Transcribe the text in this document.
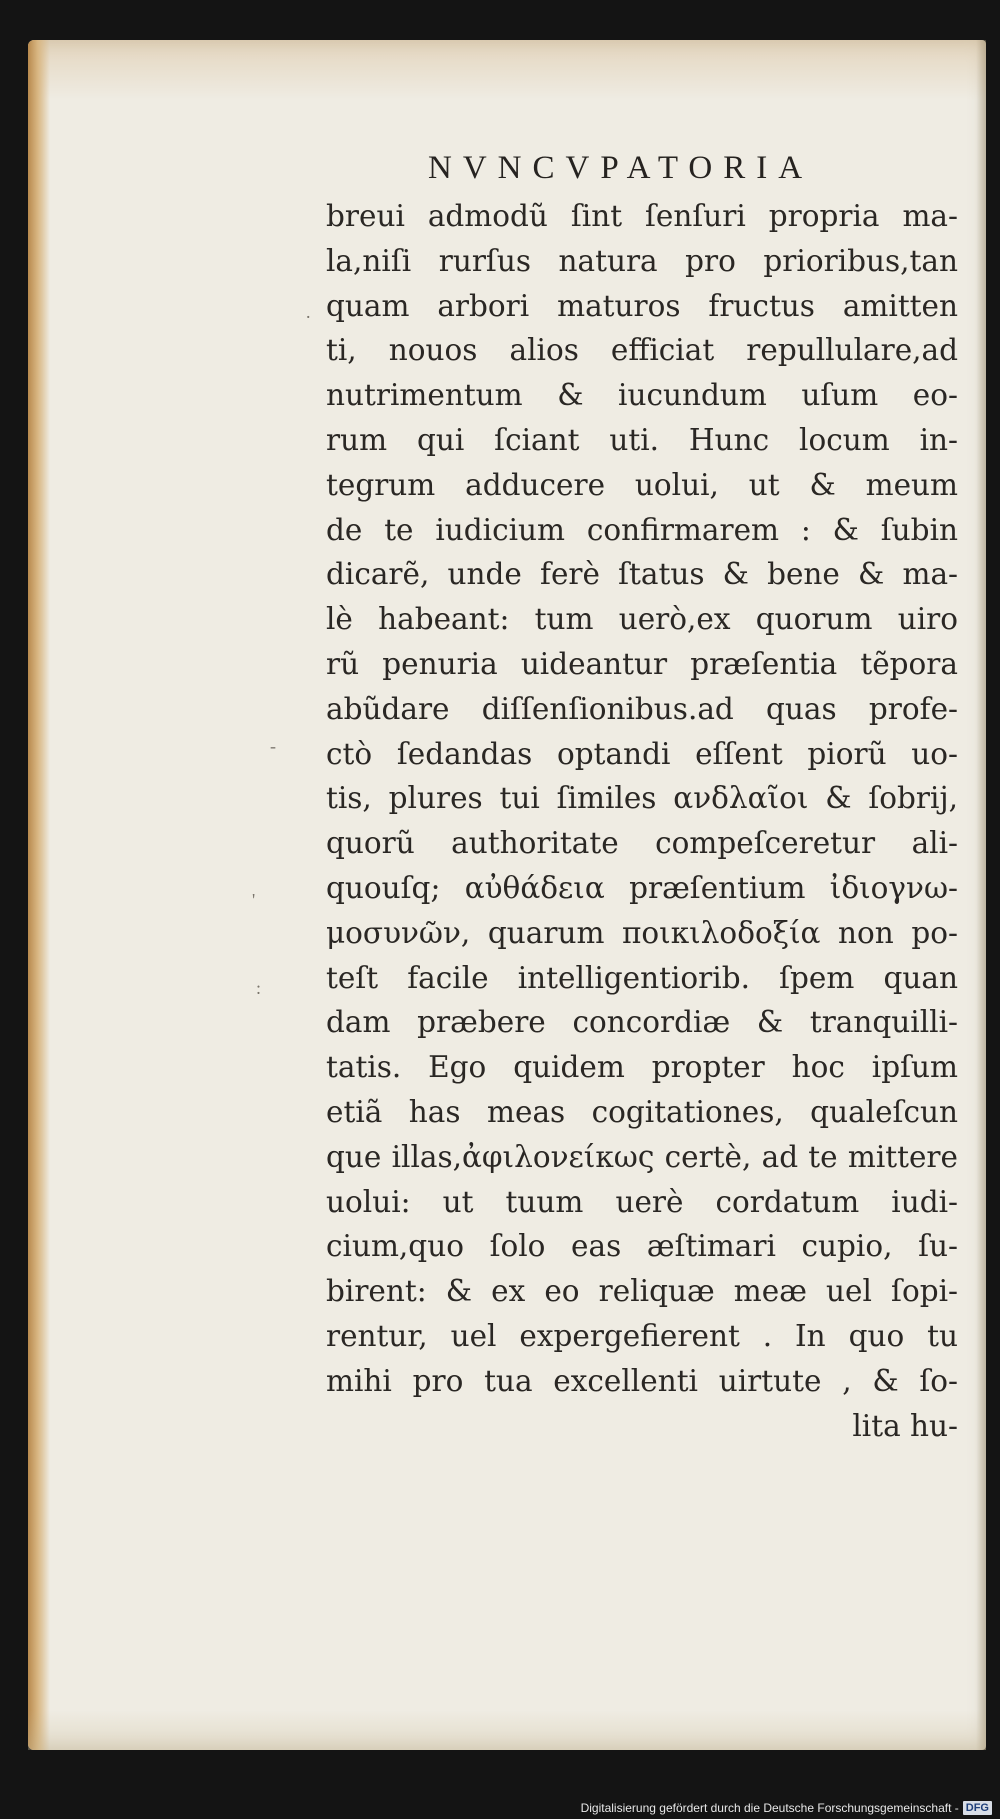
.
-
'
:
NVNCVPATORIA
breui admodũ ſint ſenſuri propria ma-
la,niſi rurſus natura pro prioribus,tan
quam arbori maturos fructus amitten
ti, nouos alios efficiat repullulare,ad
nutrimentum & iucundum uſum eo-
rum qui ſciant uti. Hunc locum in-
tegrum adducere uolui, ut & meum
de te iudicium confirmarem : & ſubin
dicarẽ, unde ferè ſtatus & bene & ma-
lè habeant: tum uerò,ex quorum uiro
rũ penuria uideantur præſentia tẽpora
abũdare diſſenſionibus.ad quas profe-
ctò ſedandas optandi eſſent piorũ uo-
tis, plures tui ſimiles ανδλαῖοι & ſobrij,
quorũ authoritate compeſceretur ali-
quouſq; αὐθάδεια præſentium ἰδιογνω-
μοσυνῶν, quarum ποικιλοδοξία non po-
teſt facile intelligentiorib. ſpem quan
dam præbere concordiæ & tranquilli-
tatis. Ego quidem propter hoc ipſum
etiã has meas cogitationes, qualeſcun
que illas,ἀφιλονείκως certè, ad te mittere
uolui: ut tuum uerè cordatum iudi-
cium,quo ſolo eas æſtimari cupio, ſu-
birent: & ex eo reliquæ meæ uel ſopi-
rentur, uel expergefierent . In quo tu
mihi pro tua excellenti uirtute , & ſo-
lita hu-
Digitalisierung gefördert durch die Deutsche Forschungsgemeinschaft - DFG
